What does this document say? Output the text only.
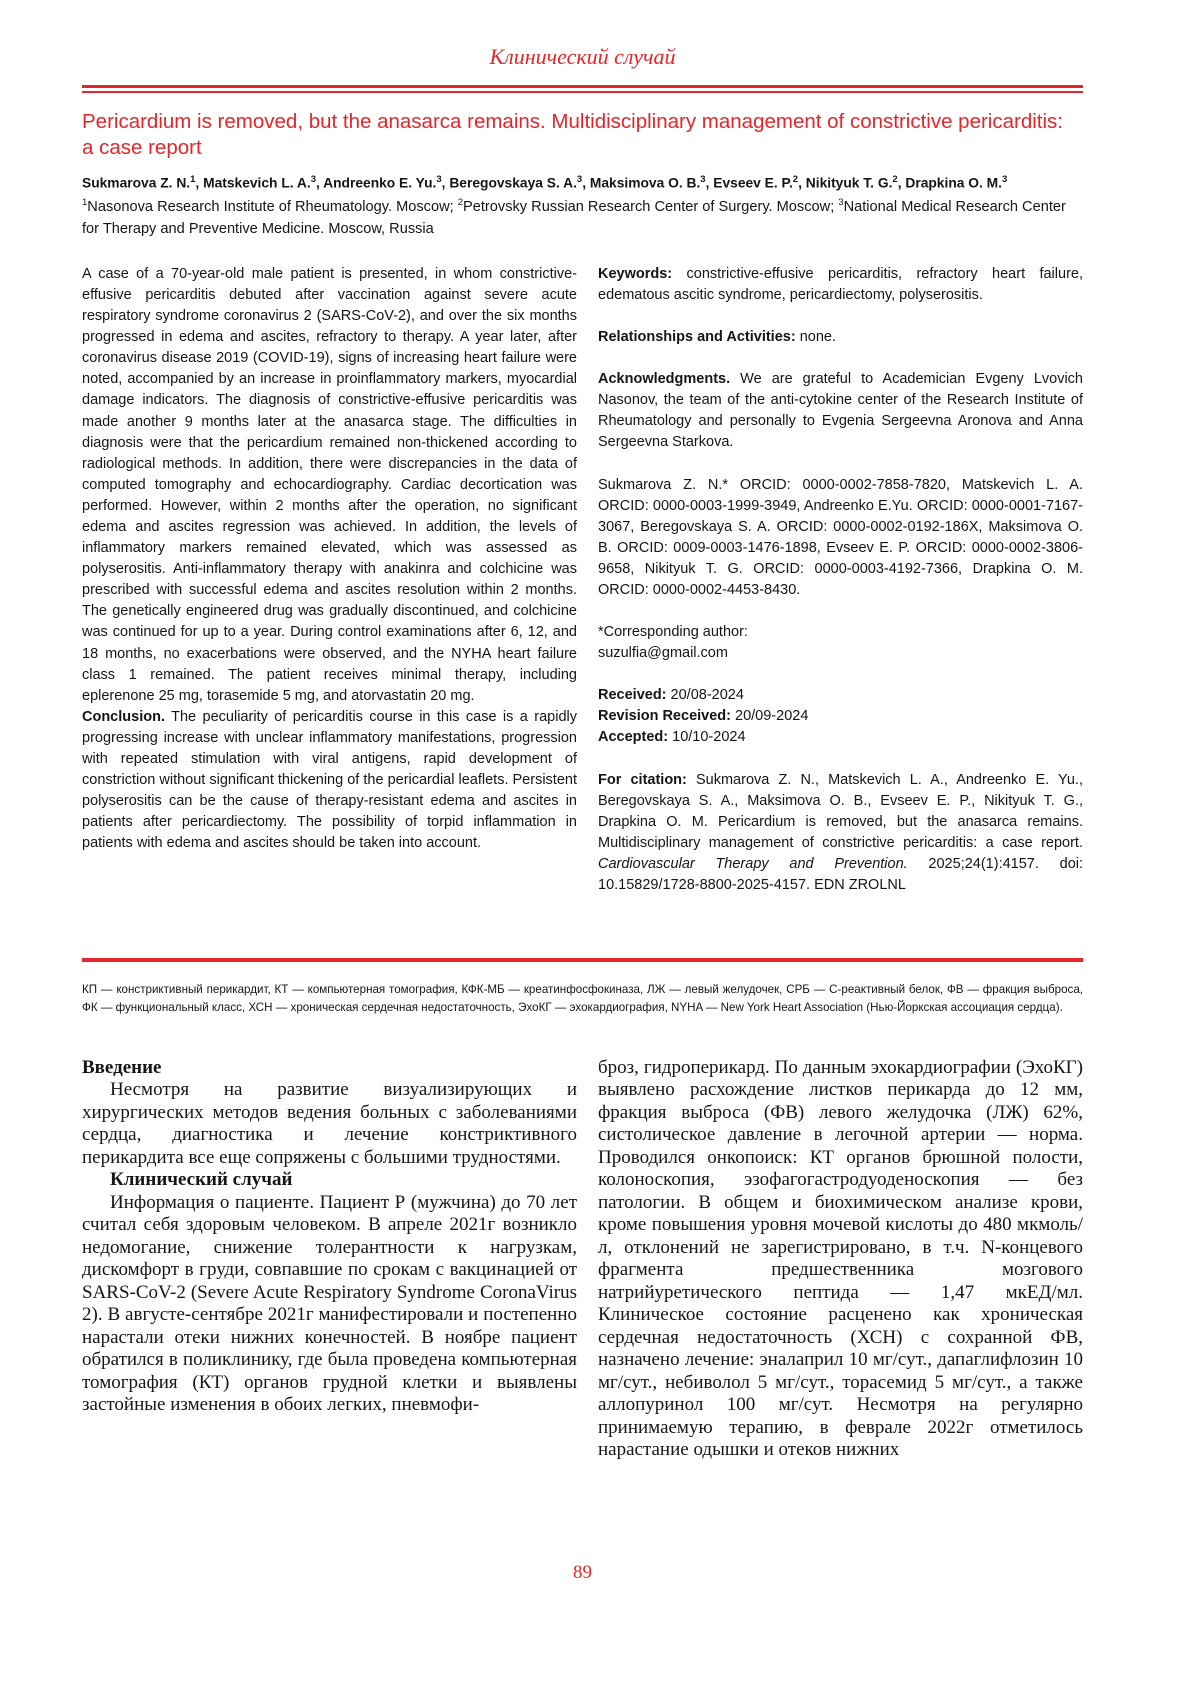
Клинический случай
Pericardium is removed, but the anasarca remains. Multidisciplinary management of constrictive pericarditis: a case report
Sukmarova Z. N.$^1$, Matskevich L. A.$^3$, Andreenko E. Yu.$^3$, Beregovskaya S. A.$^3$, Maksimova O. B.$^3$, Evseev E. P.$^2$, Nikityuk T. G.$^2$, Drapkina O. M.$^3$
$^1$Nasonova Research Institute of Rheumatology. Moscow; $^2$Petrovsky Russian Research Center of Surgery. Moscow; $^3$National Medical Research Center for Therapy and Preventive Medicine. Moscow, Russia

A case of a 70-year-old male patient is presented, in whom constrictive-effusive pericarditis debuted after vaccination against severe acute respiratory syndrome coronavirus 2 (SARS-CoV-2), and over the six months progressed in edema and ascites, refractory to therapy. A year later, after coronavirus disease 2019 (COVID-19), signs of increasing heart failure were noted, accompanied by an increase in proinflammatory markers, myocardial damage indicators. The diagnosis of constrictive-effusive pericarditis was made another 9 months later at the anasarca stage. The difficulties in diagnosis were that the pericardium remained non-thickened according to radiological methods. In addition, there were discrepancies in the data of computed tomography and echocardiography. Cardiac decortication was performed. However, within 2 months after the operation, no significant edema and ascites regression was achieved. In addition, the levels of inflammatory markers remained elevated, which was assessed as polyserositis. Anti-inflammatory therapy with anakinra and colchicine was prescribed with successful edema and ascites resolution within 2 months. The genetically engineered drug was gradually discontinued, and colchicine was continued for up to a year. During control examinations after 6, 12, and 18 months, no exacerbations were observed, and the NYHA heart failure class 1 remained. The patient receives minimal therapy, including eplerenone 25 mg, torasemide 5 mg, and atorvastatin 20 mg.

Conclusion. The peculiarity of pericarditis course in this case is a rapidly progressing increase with unclear inflammatory manifestations, progression with repeated stimulation with viral antigens, rapid development of constriction without significant thickening of the pericardial leaflets. Persistent polyserositis can be the cause of therapy-resistant edema and ascites in patients after pericardiectomy. The possibility of torpid inflammation in patients with edema and ascites should be taken into account.

Keywords: constrictive-effusive pericarditis, refractory heart failure, edematous ascitic syndrome, pericardiectomy, polyserositis.

Relationships and Activities: none.

Acknowledgments. We are grateful to Academician Evgeny Lvovich Nasonov, the team of the anti-cytokine center of the Research Institute of Rheumatology and personally to Evgenia Sergeevna Aronova and Anna Sergeevna Starkova.

Sukmarova Z. N.* ORCID: 0000-0002-7858-7820, Matskevich L. A. ORCID: 0000-0003-1999-3949, Andreenko E.Yu. ORCID: 0000-0001-7167-3067, Beregovskaya S. A. ORCID: 0000-0002-0192-186X, Maksimova O. B. ORCID: 0009-0003-1476-1898, Evseev E. P. ORCID: 0000-0002-3806-9658, Nikityuk T. G. ORCID: 0000-0003-4192-7366, Drapkina O. M. ORCID: 0000-0002-4453-8430.

*Corresponding author:
suzulfia@gmail.com

Received: 20/08-2024
Revision Received: 20/09-2024
Accepted: 10/10-2024

For citation: Sukmarova Z. N., Matskevich L. A., Andreenko E. Yu., Beregovskaya S. A., Maksimova O. B., Evseev E. P., Nikityuk T. G., Drapkina O. M. Pericardium is removed, but the anasarca remains. Multidisciplinary management of constrictive pericarditis: a case report. Cardiovascular Therapy and Prevention. 2025;24(1):4157. doi: 10.15829/1728-8800-2025-4157. EDN ZROLNL

КП — констриктивный перикардит, КТ — компьютерная томография, КФК-МБ — креатинфосфокиназа, ЛЖ — левый желудочек, СРБ — С-реактивный белок, ФВ — фракция выброса, ФК — функциональный класс, ХСН — хроническая сердечная недостаточность, ЭхоКГ — эхокардиография, NYHA — New York Heart Association (Нью-Йоркская ассоциация сердца).
Введение

Несмотря на развитие визуализирующих и хирургических методов ведения больных с заболеваниями сердца, диагностика и лечение констриктивного перикардита все еще сопряжены с большими трудностями.

Клинический случай

Информация о пациенте. Пациент Р (мужчина) до 70 лет считал себя здоровым человеком. В апреле 2021г возникло недомогание, снижение толерантности к нагрузкам, дискомфорт в груди, совпавшие по срокам с вакцинацией от SARS-CoV-2 (Severe Acute Respiratory Syndrome CoronaVirus 2). В августе-сентябре 2021г манифестировали и постепенно нарастали отеки нижних конечностей. В ноябре пациент обратился в поликлинику, где была проведена компьютерная томография (КТ) органов грудной клетки и выявлены застойные изменения в обоих легких, пневмофи-

броз, гидроперикард. По данным эхокардиографии (ЭхоКГ) выявлено расхождение листков перикарда до 12 мм, фракция выброса (ФВ) левого желудочка (ЛЖ) 62%, систолическое давление в легочной артерии — норма. Проводился онкопоиск: КТ органов брюшной полости, колоноскопия, эзофагогастродуоденоскопия — без патологии. В общем и биохимическом анализе крови, кроме повышения уровня мочевой кислоты до 480 мкмоль/л, отклонений не зарегистрировано, в т.ч. N-концевого фрагмента предшественника мозгового натрийуретического пептида — 1,47 мкЕД/мл. Клиническое состояние расценено как хроническая сердечная недостаточность (ХСН) с сохранной ФВ, назначено лечение: эналаприл 10 мг/сут., дапаглифлозин 10 мг/сут., небиволол 5 мг/сут., торасемид 5 мг/сут., а также аллопуринол 100 мг/сут. Несмотря на регулярно принимаемую терапию, в феврале 2022г отметилось нарастание одышки и отеков нижних

89
